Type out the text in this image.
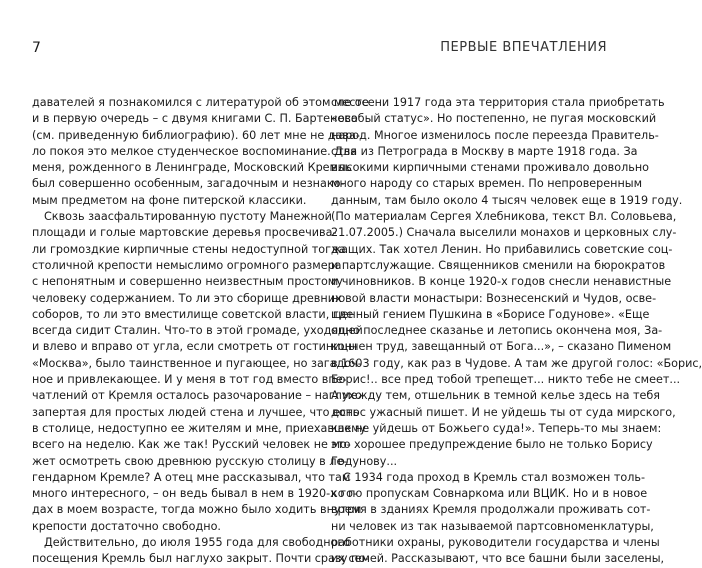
7	ПЕРВЫЕ ВПЕЧАТЛЕНИЯ
давателей я познакомился с литературой об этом месте
и в первую очередь – с двумя книгами С. П. Бартенева
(см. приведенную библиографию). 60 лет мне не дава-
ло покоя это мелкое студенческое воспоминание. Для
меня, рожденного в Ленинграде, Московский Кремль
был совершенно особенным, загадочным и незнако-
мым предметом на фоне питерской классики.
Сквозь заасфальтированную пустоту Манежной
площади и голые мартовские деревья просвечива-
ли громоздкие кирпичные стены недоступной тогда
столичной крепости немыслимо огромного размера
с непонятным и совершенно неизвестным простому
человеку содержанием. То ли это сборище древних
соборов, то ли это вместилище советской власти, где
всегда сидит Сталин. Что-то в этой громаде, уходящей
и влево и вправо от угла, если смотреть от гостиницы
«Москва», было таинственное и пугающее, но загадоч-
ное и привлекающее. И у меня в тот год вместо впе-
чатлений от Кремля осталось разочарование – наглухо
запертая для простых людей стена и лучшее, что есть
в столице, недоступно ее жителям и мне, приехавшему
всего на неделю. Как же так! Русский человек не мо-
жет осмотреть свою древнюю русскую столицу в ле-
гендарном Кремле? А отец мне рассказывал, что там
много интересного, – он ведь бывал в нем в 1920-х го-
дах в моем возрасте, тогда можно было ходить внутри
крепости достаточно свободно.
Действительно, до июля 1955 года для свободного
посещения Кремль был наглухо закрыт. Почти сразу по-
сле осени 1917 года эта территория стала приобретать
«особый статус». Но постепенно, не пугая московский
народ. Многое изменилось после переезда Правитель-
ства из Петрограда в Москву в марте 1918 года. За
высокими кирпичными стенами проживало довольно
много народу со старых времен. По непроверенным
данным, там было около 4 тысяч человек еще в 1919 году.
(По материалам Сергея Хлебникова, текст Вл. Соловьева,
21.07.2005.) Сначала выселили монахов и церковных слу-
жащих. Так хотел Ленин. Но прибавились советские соц-
и партслужащие. Священников сменили на бюрократов
и чиновников. В конце 1920-х годов снесли ненавистные
новой власти монастыри: Вознесенский и Чудов, осве-
щенный гением Пушкина в «Борисе Годунове». «Еще
одно последнее сказанье и летопись окончена моя, За-
кончен труд, завещанный от Бога...», – сказано Пименом
в 1603 году, как раз в Чудове. А там же другой голос: «Борис,
Борис!.. все пред тобой трепещет... никто тебе не смеет...
А между тем, отшельник в темной келье здесь на тебя
донос ужасный пишет. И не уйдешь ты от суда мирского,
как не уйдешь от Божьего суда!». Теперь-то мы знаем:
это хорошее предупреждение было не только Борису
Годунову...
С 1934 года проход в Кремль стал возможен толь-
ко по пропускам Совнаркома или ВЦИК. Но и в новое
время в зданиях Кремля продолжали проживать сот-
ни человек из так называемой партсовноменклатуры,
работники охраны, руководители государства и члены
их семей. Рассказывают, что все башни были заселены,
